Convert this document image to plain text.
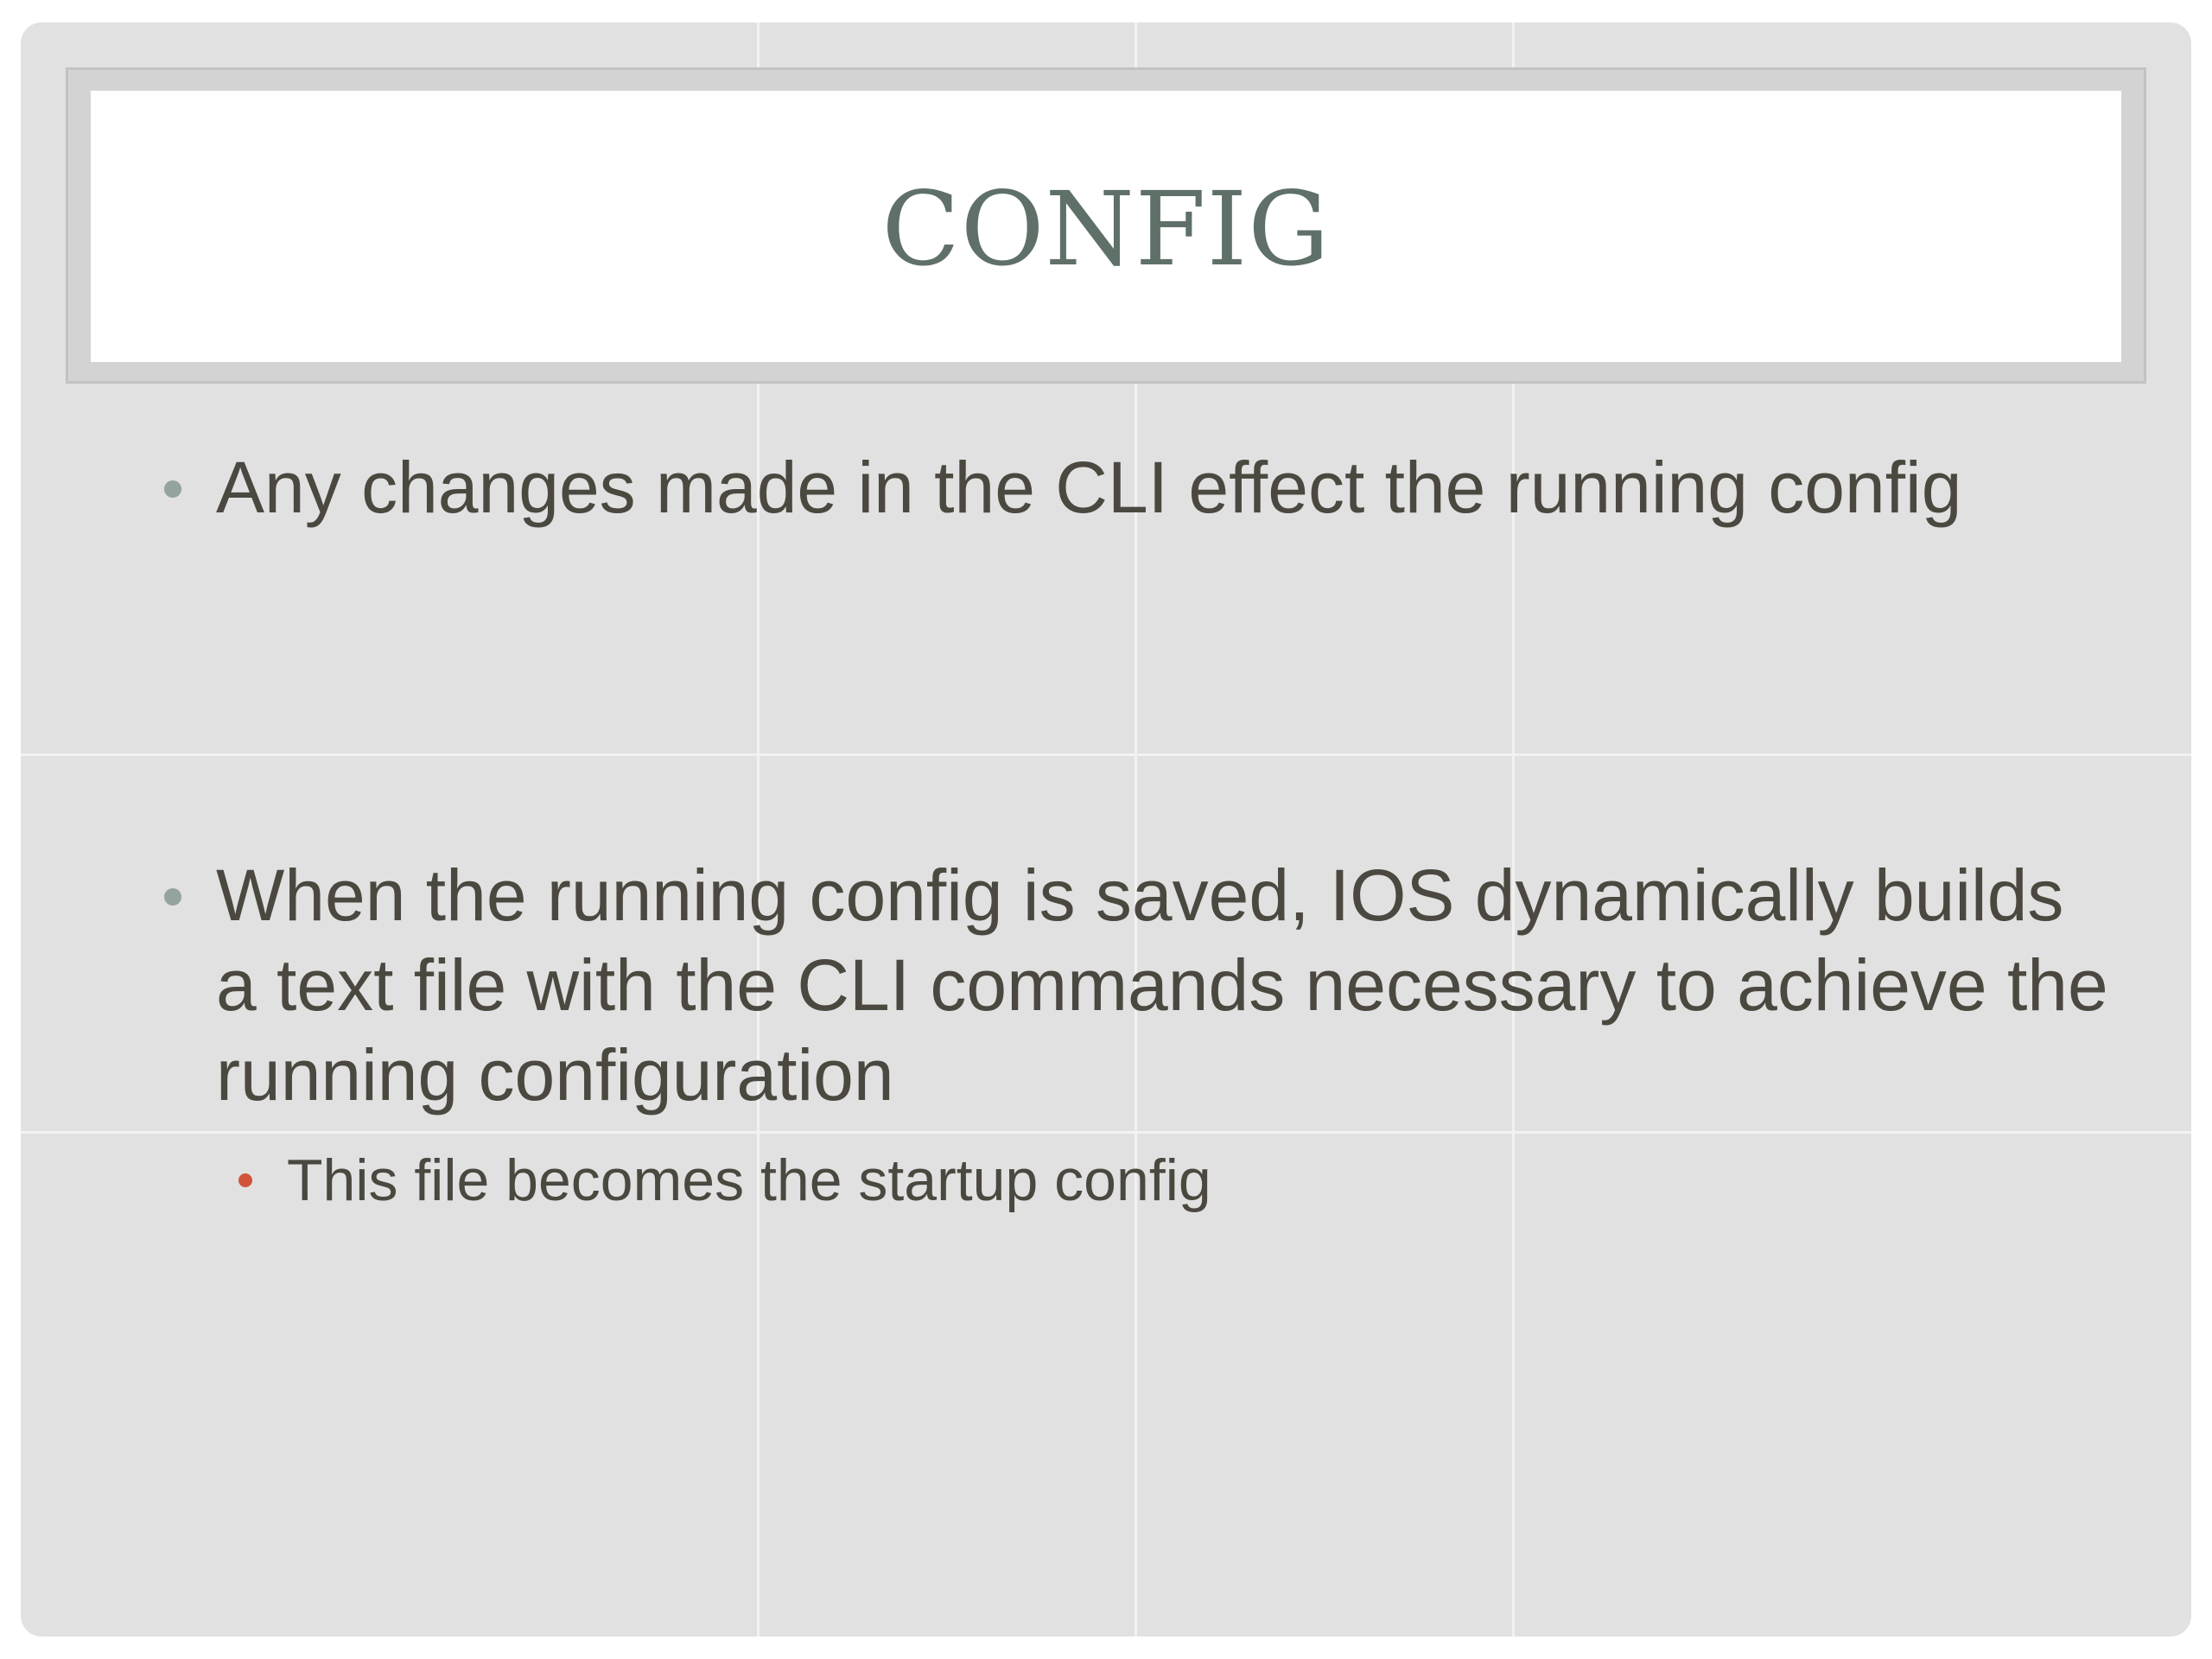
CONFIG
Any changes made in the CLI effect the running config
When the running config is saved, IOS dynamically builds a text file with the CLI commands necessary to achieve the running configuration
This file becomes the startup config
